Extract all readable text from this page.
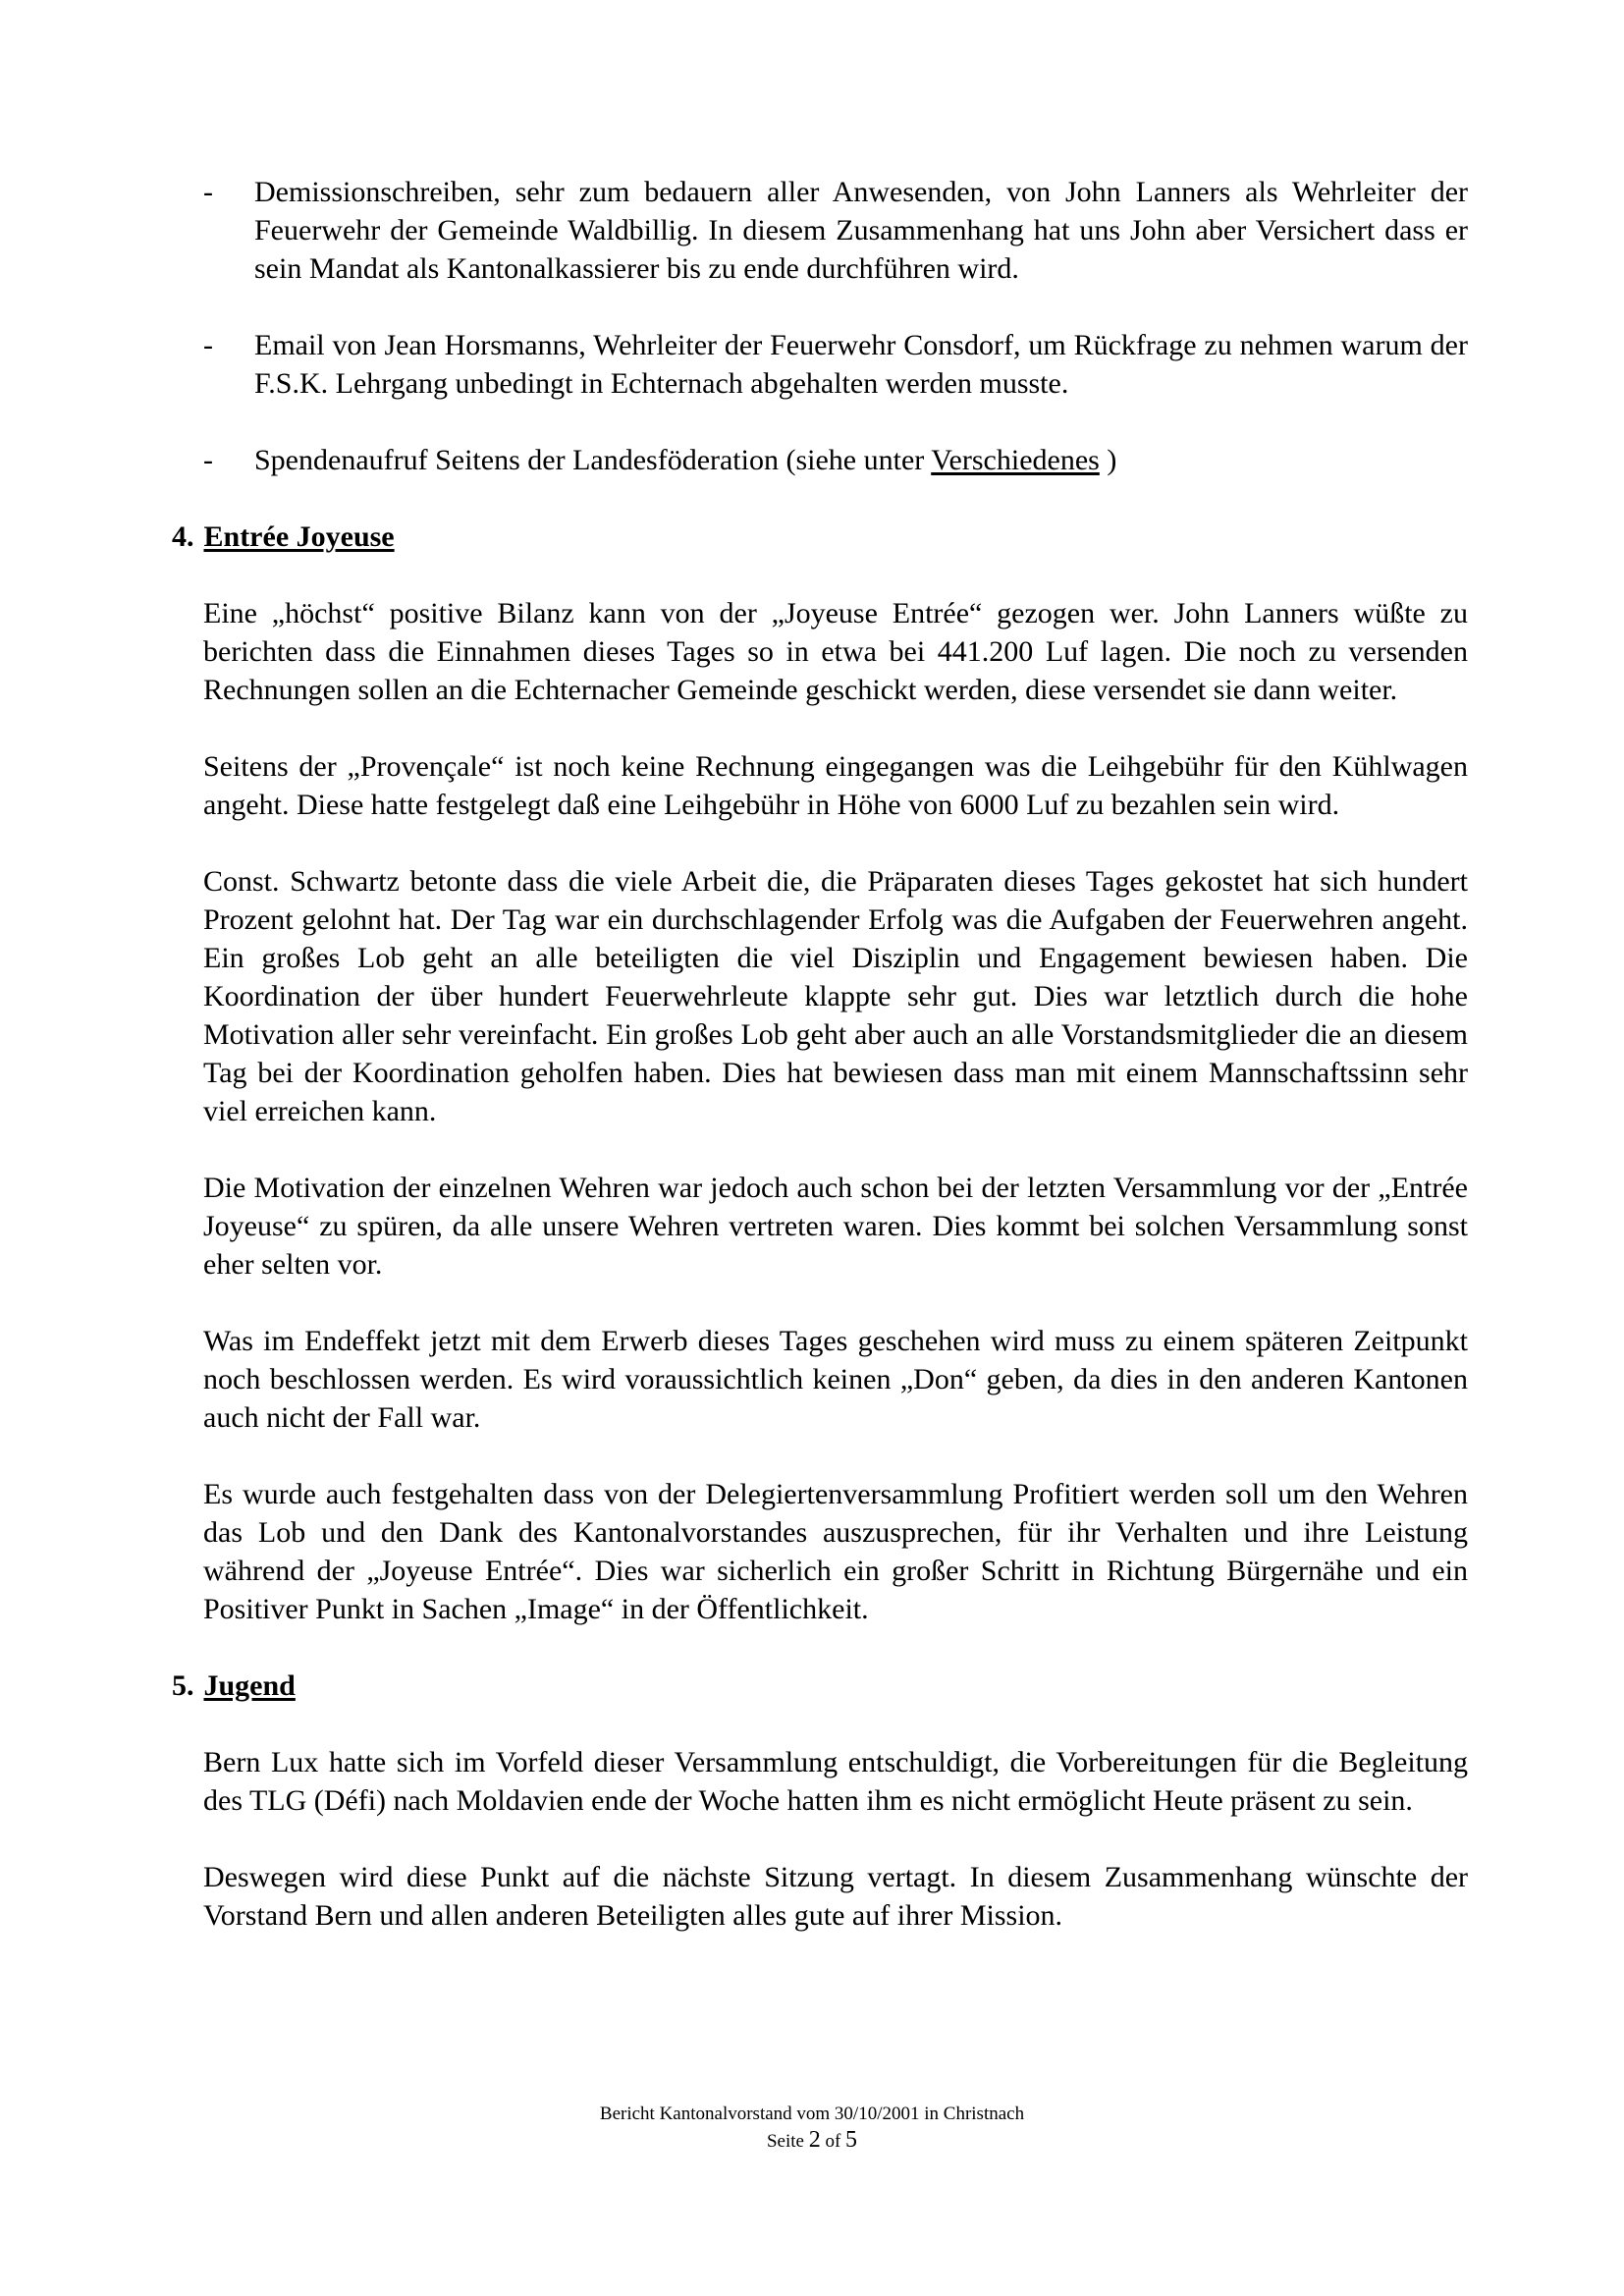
- Demissionschreiben, sehr zum bedauern aller Anwesenden, von John Lanners als Wehrleiter der Feuerwehr der Gemeinde Waldbillig. In diesem Zusammenhang hat uns John aber Versichert dass er sein Mandat als Kantonalkassierer bis zu ende durchführen wird.
- Email von Jean Horsmanns, Wehrleiter der Feuerwehr Consdorf, um Rückfrage zu nehmen warum der F.S.K. Lehrgang unbedingt in Echternach abgehalten werden musste.
- Spendenaufruf Seitens der Landesföderation (siehe unter Verschiedenes )
4. Entrée Joyeuse

Eine „höchst“ positive Bilanz kann von der „Joyeuse Entrée“ gezogen wer. John Lanners wüßte zu berichten dass die Einnahmen dieses Tages so in etwa bei 441.200 Luf lagen. Die noch zu versenden Rechnungen sollen an die Echternacher Gemeinde geschickt werden, diese versendet sie dann weiter.

Seitens der „Provençale“ ist noch keine Rechnung eingegangen was die Leihgebühr für den Kühlwagen angeht. Diese hatte festgelegt daß eine Leihgebühr in Höhe von 6000 Luf zu bezahlen sein wird.

Const. Schwartz betonte dass die viele Arbeit die, die Präparaten dieses Tages gekostet hat sich hundert Prozent gelohnt hat. Der Tag war ein durchschlagender Erfolg was die Aufgaben der Feuerwehren angeht. Ein großes Lob geht an alle beteiligten die viel Disziplin und Engagement bewiesen haben. Die Koordination der über hundert Feuerwehrleute klappte sehr gut. Dies war letztlich durch die hohe Motivation aller sehr vereinfacht. Ein großes Lob geht aber auch an alle Vorstandsmitglieder die an diesem Tag bei der Koordination geholfen haben. Dies hat bewiesen dass man mit einem Mannschaftssinn sehr viel erreichen kann.

Die Motivation der einzelnen Wehren war jedoch auch schon bei der letzten Versammlung vor der „Entrée Joyeuse“ zu spüren, da alle unsere Wehren vertreten waren. Dies kommt bei solchen Versammlung sonst eher selten vor.

Was im Endeffekt jetzt mit dem Erwerb dieses Tages geschehen wird muss zu einem späteren Zeitpunkt noch beschlossen werden. Es wird voraussichtlich keinen „Don“ geben, da dies in den anderen Kantonen auch nicht der Fall war.

Es wurde auch festgehalten dass von der Delegiertenversammlung Profitiert werden soll um den Wehren das Lob und den Dank des Kantonalvorstandes auszusprechen, für ihr Verhalten und ihre Leistung während der „Joyeuse Entrée“. Dies war sicherlich ein großer Schritt in Richtung Bürgernähe und ein Positiver Punkt in Sachen „Image“ in der Öffentlichkeit.

5. Jugend

Bern Lux hatte sich im Vorfeld dieser Versammlung entschuldigt, die Vorbereitungen für die Begleitung des TLG (Défi) nach Moldavien ende der Woche hatten ihm es nicht ermöglicht Heute präsent zu sein.

Deswegen wird diese Punkt auf die nächste Sitzung vertagt. In diesem Zusammenhang wünschte der Vorstand Bern und allen anderen Beteiligten alles gute auf ihrer Mission.

Bericht Kantonalvorstand vom 30/10/2001 in Christnach
Seite 2 of 5
